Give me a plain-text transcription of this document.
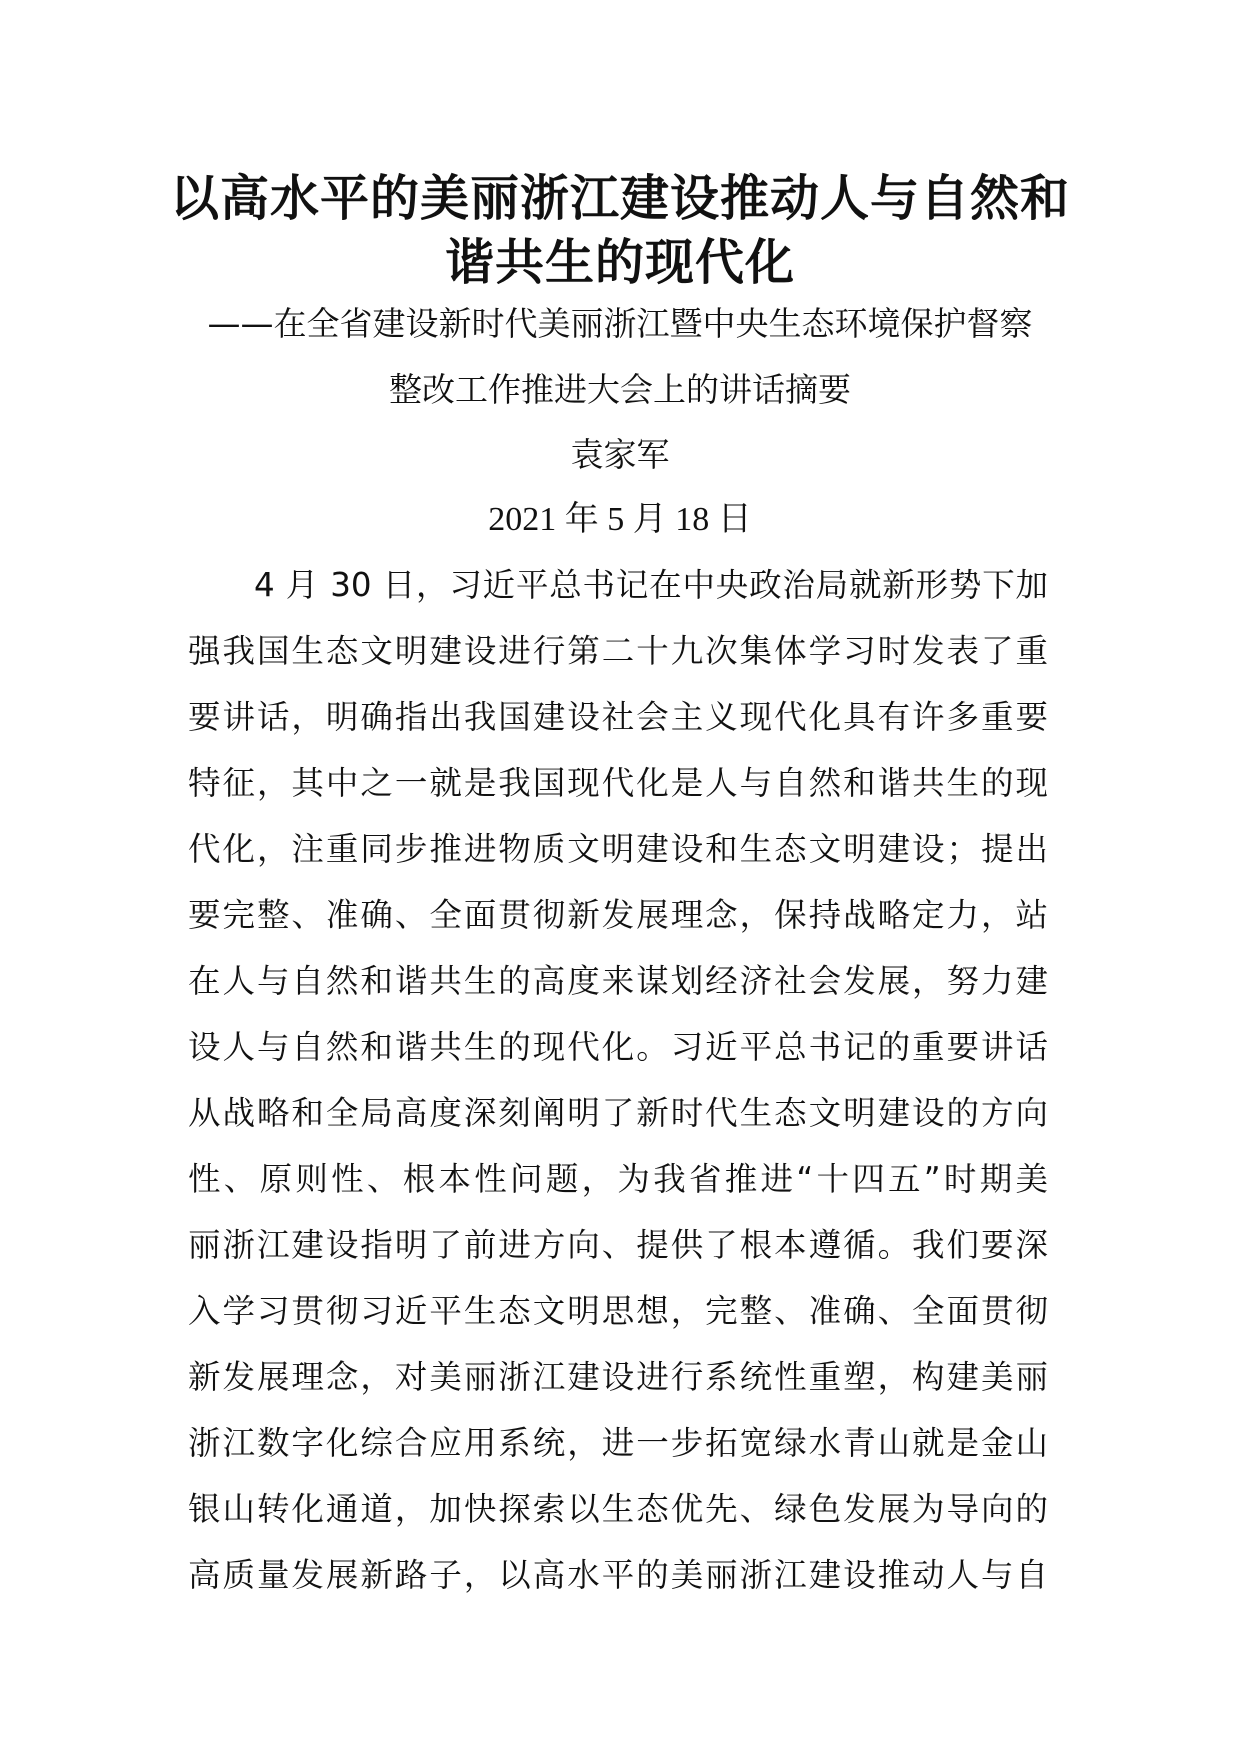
以高水平的美丽浙江建设推动人与自然和
谐共生的现代化
——在全省建设新时代美丽浙江暨中央生态环境保护督察
整改工作推进大会上的讲话摘要
袁家军
2021 年 5 月 18 日
4 月 30 日，习近平总书记在中央政治局就新形势下加
强我国生态文明建设进行第二十九次集体学习时发表了重
要讲话，明确指出我国建设社会主义现代化具有许多重要
特征，其中之一就是我国现代化是人与自然和谐共生的现
代化，注重同步推进物质文明建设和生态文明建设；提出
要完整、准确、全面贯彻新发展理念，保持战略定力，站
在人与自然和谐共生的高度来谋划经济社会发展，努力建
设人与自然和谐共生的现代化。习近平总书记的重要讲话
从战略和全局高度深刻阐明了新时代生态文明建设的方向
性、原则性、根本性问题，为我省推进“十四五”时期美
丽浙江建设指明了前进方向、提供了根本遵循。我们要深
入学习贯彻习近平生态文明思想，完整、准确、全面贯彻
新发展理念，对美丽浙江建设进行系统性重塑，构建美丽
浙江数字化综合应用系统，进一步拓宽绿水青山就是金山
银山转化通道，加快探索以生态优先、绿色发展为导向的
高质量发展新路子，以高水平的美丽浙江建设推动人与自
